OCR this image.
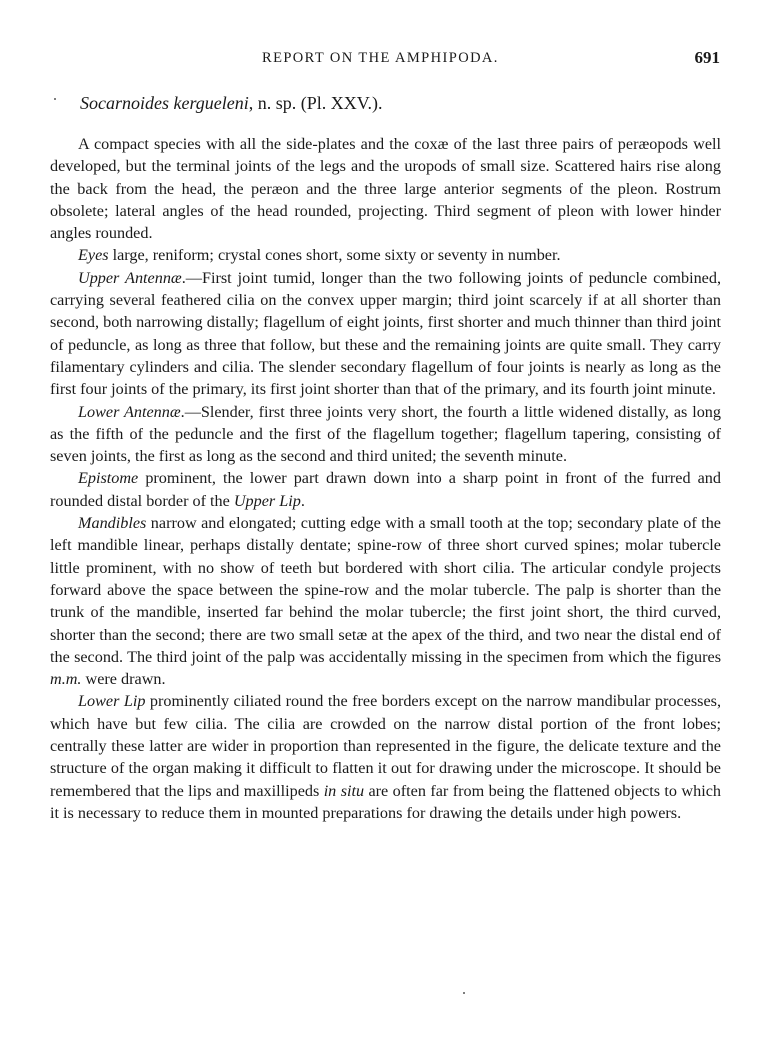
REPORT ON THE AMPHIPODA.	691
Socarnoides kergueleni, n. sp. (Pl. XXV.).

A compact species with all the side-plates and the coxæ of the last three pairs of peræopods well developed, but the terminal joints of the legs and the uropods of small size. Scattered hairs rise along the back from the head, the peræon and the three large anterior segments of the pleon. Rostrum obsolete; lateral angles of the head rounded, projecting. Third segment of pleon with lower hinder angles rounded.

Eyes large, reniform; crystal cones short, some sixty or seventy in number.

Upper Antennæ.—First joint tumid, longer than the two following joints of peduncle combined, carrying several feathered cilia on the convex upper margin; third joint scarcely if at all shorter than second, both narrowing distally; flagellum of eight joints, first shorter and much thinner than third joint of peduncle, as long as three that follow, but these and the remaining joints are quite small. They carry filamentary cylinders and cilia. The slender secondary flagellum of four joints is nearly as long as the first four joints of the primary, its first joint shorter than that of the primary, and its fourth joint minute.

Lower Antennæ.—Slender, first three joints very short, the fourth a little widened distally, as long as the fifth of the peduncle and the first of the flagellum together; flagellum tapering, consisting of seven joints, the first as long as the second and third united; the seventh minute.

Epistome prominent, the lower part drawn down into a sharp point in front of the furred and rounded distal border of the Upper Lip.

Mandibles narrow and elongated; cutting edge with a small tooth at the top; secondary plate of the left mandible linear, perhaps distally dentate; spine-row of three short curved spines; molar tubercle little prominent, with no show of teeth but bordered with short cilia. The articular condyle projects forward above the space between the spine-row and the molar tubercle. The palp is shorter than the trunk of the mandible, inserted far behind the molar tubercle; the first joint short, the third curved, shorter than the second; there are two small setæ at the apex of the third, and two near the distal end of the second. The third joint of the palp was accidentally missing in the specimen from which the figures m.m. were drawn.

Lower Lip prominently ciliated round the free borders except on the narrow mandibular processes, which have but few cilia. The cilia are crowded on the narrow distal portion of the front lobes; centrally these latter are wider in proportion than represented in the figure, the delicate texture and the structure of the organ making it difficult to flatten it out for drawing under the microscope. It should be remembered that the lips and maxillipeds in situ are often far from being the flattened objects to which it is necessary to reduce them in mounted preparations for drawing the details under high powers.
